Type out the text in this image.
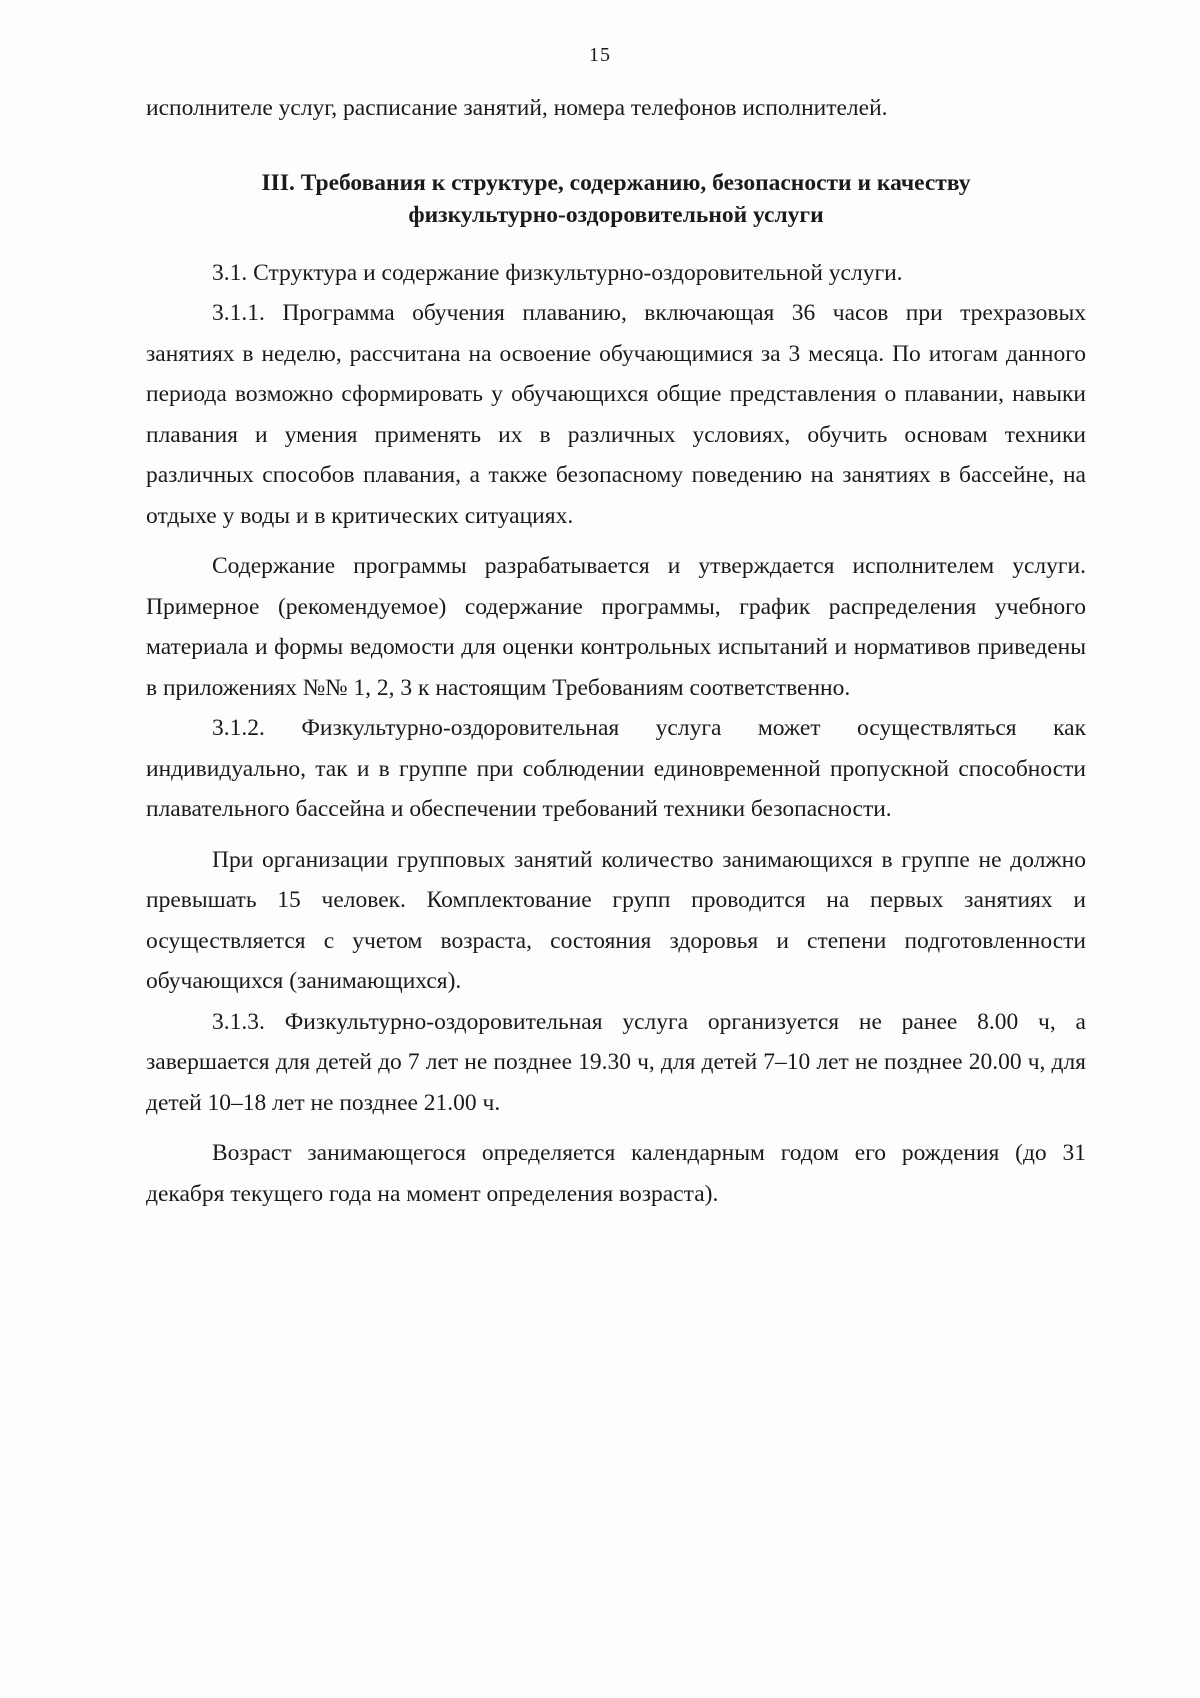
15

исполнителе услуг, расписание занятий, номера телефонов исполнителей.

III. Требования к структуре, содержанию, безопасности и качеству
физкультурно-оздоровительной услуги

3.1. Структура и содержание физкультурно-оздоровительной услуги.

3.1.1. Программа обучения плаванию, включающая 36 часов при трехразовых занятиях в неделю, рассчитана на освоение обучающимися за 3 месяца. По итогам данного периода возможно сформировать у обучающихся общие представления о плавании, навыки плавания и умения применять их в различных условиях, обучить основам техники различных способов плавания, а также безопасному поведению на занятиях в бассейне, на отдыхе у воды и в критических ситуациях.

Содержание программы разрабатывается и утверждается исполнителем услуги. Примерное (рекомендуемое) содержание программы, график распределения учебного материала и формы ведомости для оценки контрольных испытаний и нормативов приведены в приложениях №№ 1, 2, 3 к настоящим Требованиям соответственно.

3.1.2. Физкультурно-оздоровительная услуга может осуществляться как индивидуально, так и в группе при соблюдении единовременной пропускной способности плавательного бассейна и обеспечении требований техники безопасности.

При организации групповых занятий количество занимающихся в группе не должно превышать 15 человек. Комплектование групп проводится на первых занятиях и осуществляется с учетом возраста, состояния здоровья и степени подготовленности обучающихся (занимающихся).

3.1.3. Физкультурно-оздоровительная услуга организуется не ранее 8.00 ч, а завершается для детей до 7 лет не позднее 19.30 ч, для детей 7–10 лет не позднее 20.00 ч, для детей 10–18 лет не позднее 21.00 ч.

Возраст занимающегося определяется календарным годом его рождения (до 31 декабря текущего года на момент определения возраста).
